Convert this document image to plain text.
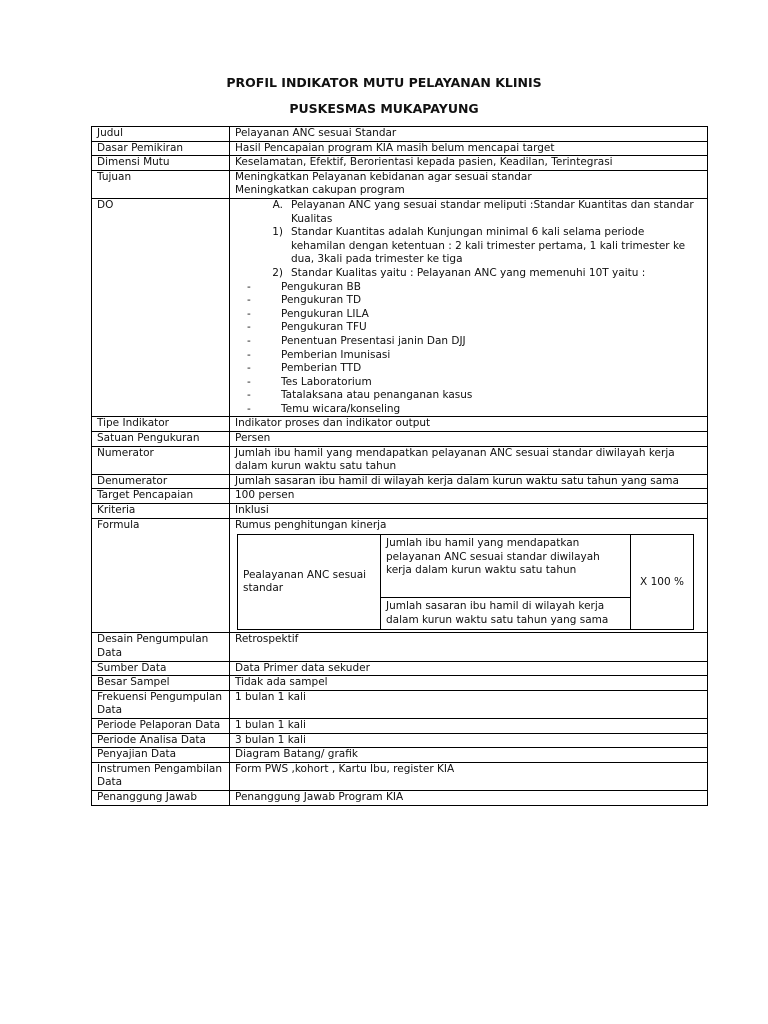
PROFIL INDIKATOR MUTU PELAYANAN KLINIS
PUSKESMAS MUKAPAYUNG
Judul	Pelayanan ANC sesuai Standar
Dasar Pemikiran	Hasil Pencapaian program KIA masih belum mencapai target
Dimensi Mutu	Keselamatan, Efektif, Berorientasi kepada pasien, Keadilan, Terintegrasi
Tujuan	Meningkatkan Pelayanan kebidanan agar sesuai standar
Meningkatkan cakupan program

DO	A. Pelayanan ANC yang sesuai standar meliputi :Standar Kuantitas dan standar Kualitas
1) Standar Kuantitas adalah Kunjungan minimal 6 kali selama periode kehamilan dengan ketentuan : 2 kali trimester pertama, 1 kali trimester ke dua, 3kali pada trimester ke tiga
2) Standar Kualitas yaitu : Pelayanan ANC yang memenuhi 10T yaitu :
-	Pengukuran BB
-	Pengukuran TD
-	Pengukuran LILA
-	Pengukuran TFU
-	Penentuan Presentasi janin Dan DJJ
-	Pemberian Imunisasi
-	Pemberian TTD
-	Tes Laboratorium
-	Tatalaksana atau penanganan kasus
-	Temu wicara/konseling

Tipe Indikator	Indikator proses dan indikator output
Satuan Pengukuran	Persen
Numerator	Jumlah ibu hamil yang mendapatkan pelayanan ANC sesuai standar diwilayah kerja dalam kurun waktu satu tahun
Denumerator	Jumlah sasaran ibu hamil di wilayah kerja dalam kurun waktu satu tahun yang sama
Target Pencapaian	100 persen
Kriteria	Inklusi
Formula	Rumus penghitungan kinerja
Pealayanan ANC sesuai standar	Jumlah ibu hamil yang mendapatkan pelayanan ANC sesuai standar diwilayah kerja dalam kurun waktu satu tahun	X 100 %
Jumlah sasaran ibu hamil di wilayah kerja dalam kurun waktu satu tahun yang sama

Desain Pengumpulan Data	Retrospektif
Sumber Data	Data Primer data sekuder
Besar Sampel	Tidak ada sampel
Frekuensi Pengumpulan Data	1 bulan 1 kali
Periode Pelaporan Data	1 bulan 1 kali
Periode Analisa Data	3 bulan 1 kali
Penyajian Data	Diagram Batang/ grafik
Instrumen Pengambilan Data	Form PWS ,kohort , Kartu Ibu, register KIA
Penanggung Jawab	Penanggung Jawab Program KIA
